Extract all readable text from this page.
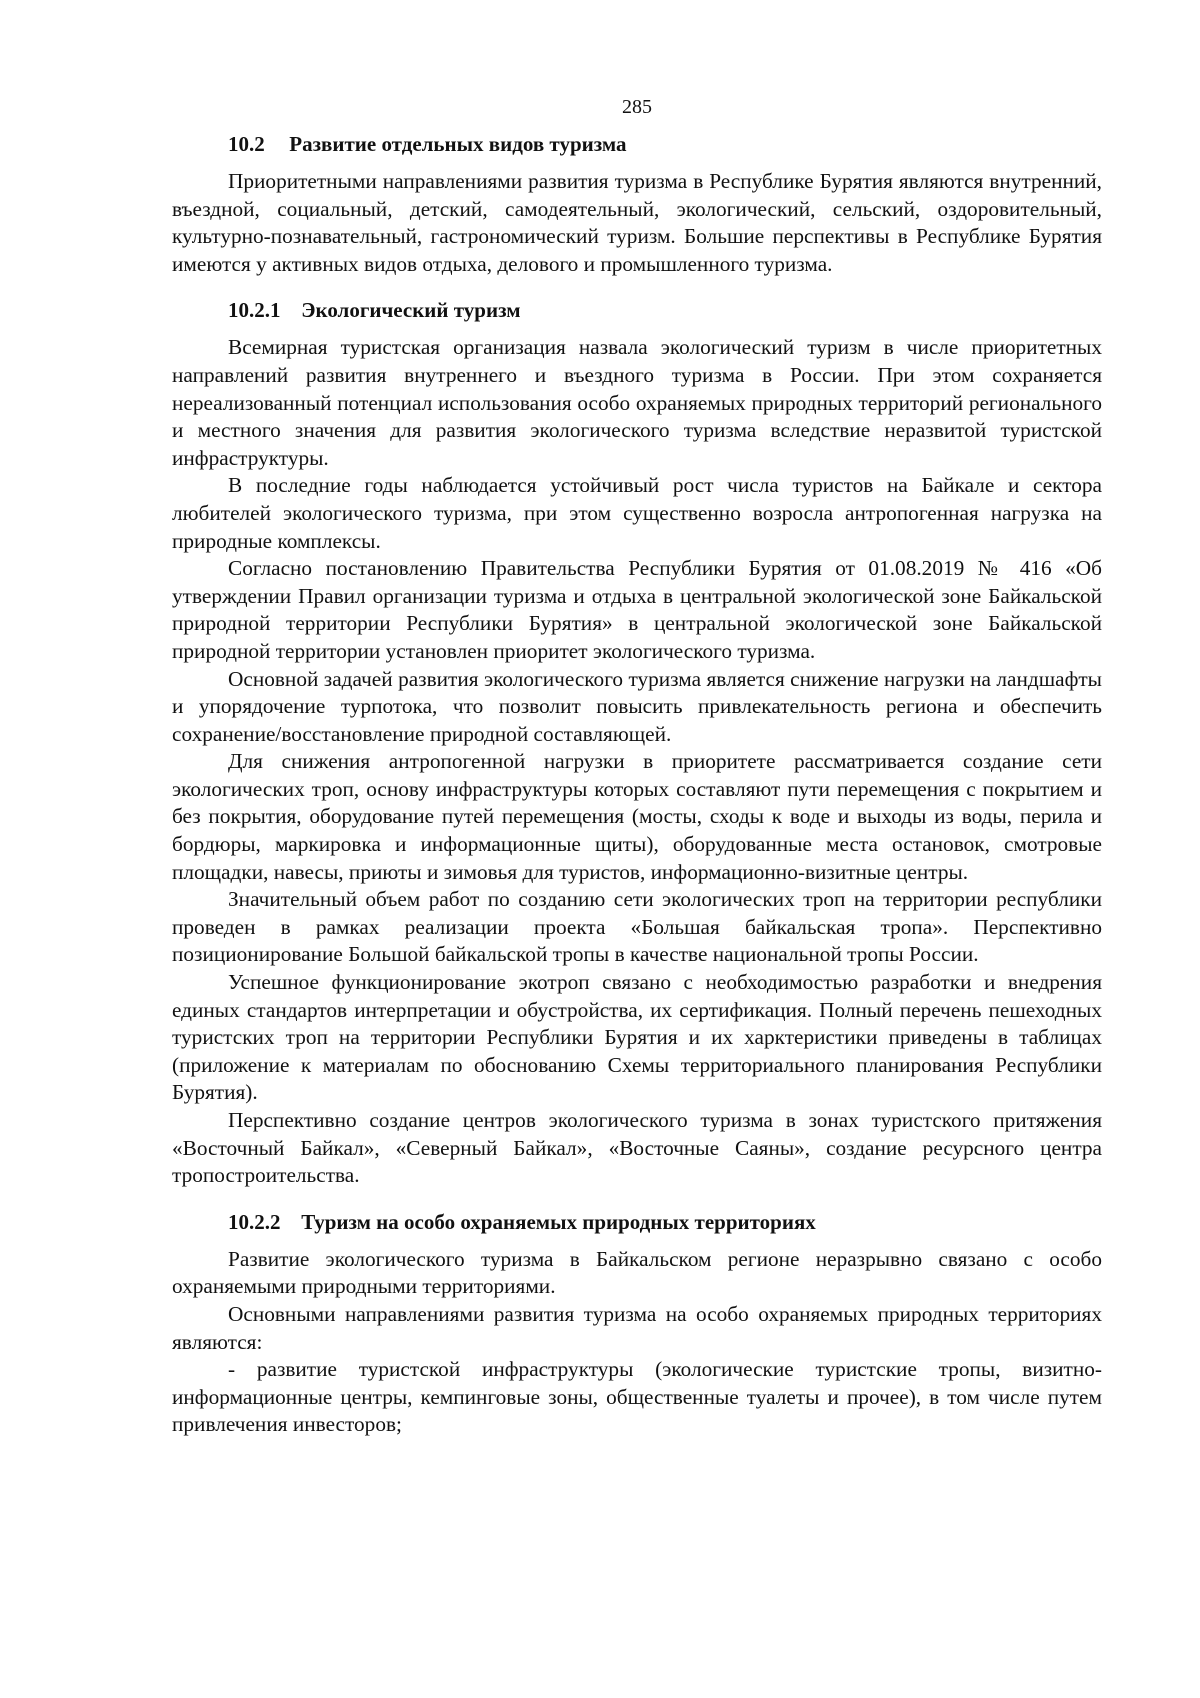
285
10.2 Развитие отдельных видов туризма

Приоритетными направлениями развития туризма в Республике Бурятия являются внутренний, въездной, социальный, детский, самодеятельный, экологический, сельский, оздоровительный, культурно-познавательный, гастрономический туризм. Большие перспективы в Республике Бурятия имеются у активных видов отдыха, делового и промышленного туризма.

10.2.1 Экологический туризм

Всемирная туристская организация назвала экологический туризм в числе приоритетных направлений развития внутреннего и въездного туризма в России. При этом сохраняется нереализованный потенциал использования особо охраняемых природных территорий регионального и местного значения для развития экологического туризма вследствие неразвитой туристской инфраструктуры.

В последние годы наблюдается устойчивый рост числа туристов на Байкале и сектора любителей экологического туризма, при этом существенно возросла антропогенная нагрузка на природные комплексы.

Согласно постановлению Правительства Республики Бурятия от 01.08.2019 № 416 «Об утверждении Правил организации туризма и отдыха в центральной экологической зоне Байкальской природной территории Республики Бурятия» в центральной экологической зоне Байкальской природной территории установлен приоритет экологического туризма.

Основной задачей развития экологического туризма является снижение нагрузки на ландшафты и упорядочение турпотока, что позволит повысить привлекательность региона и обеспечить сохранение/восстановление природной составляющей.

Для снижения антропогенной нагрузки в приоритете рассматривается создание сети экологических троп, основу инфраструктуры которых составляют пути перемещения с покрытием и без покрытия, оборудование путей перемещения (мосты, сходы к воде и выходы из воды, перила и бордюры, маркировка и информационные щиты), оборудованные места остановок, смотровые площадки, навесы, приюты и зимовья для туристов, информационно-визитные центры.

Значительный объем работ по созданию сети экологических троп на территории республики проведен в рамках реализации проекта «Большая байкальская тропа». Перспективно позиционирование Большой байкальской тропы в качестве национальной тропы России.

Успешное функционирование экотроп связано с необходимостью разработки и внедрения единых стандартов интерпретации и обустройства, их сертификация. Полный перечень пешеходных туристских троп на территории Республики Бурятия и их харктеристики приведены в таблицах (приложение к материалам по обоснованию Схемы территориального планирования Республики Бурятия).

Перспективно создание центров экологического туризма в зонах туристского притяжения «Восточный Байкал», «Северный Байкал», «Восточные Саяны», создание ресурсного центра тропостроительства.

10.2.2 Туризм на особо охраняемых природных территориях

Развитие экологического туризма в Байкальском регионе неразрывно связано с особо охраняемыми природными территориями.

Основными направлениями развития туризма на особо охраняемых природных территориях являются:

- развитие туристской инфраструктуры (экологические туристские тропы, визитно-информационные центры, кемпинговые зоны, общественные туалеты и прочее), в том числе путем привлечения инвесторов;
